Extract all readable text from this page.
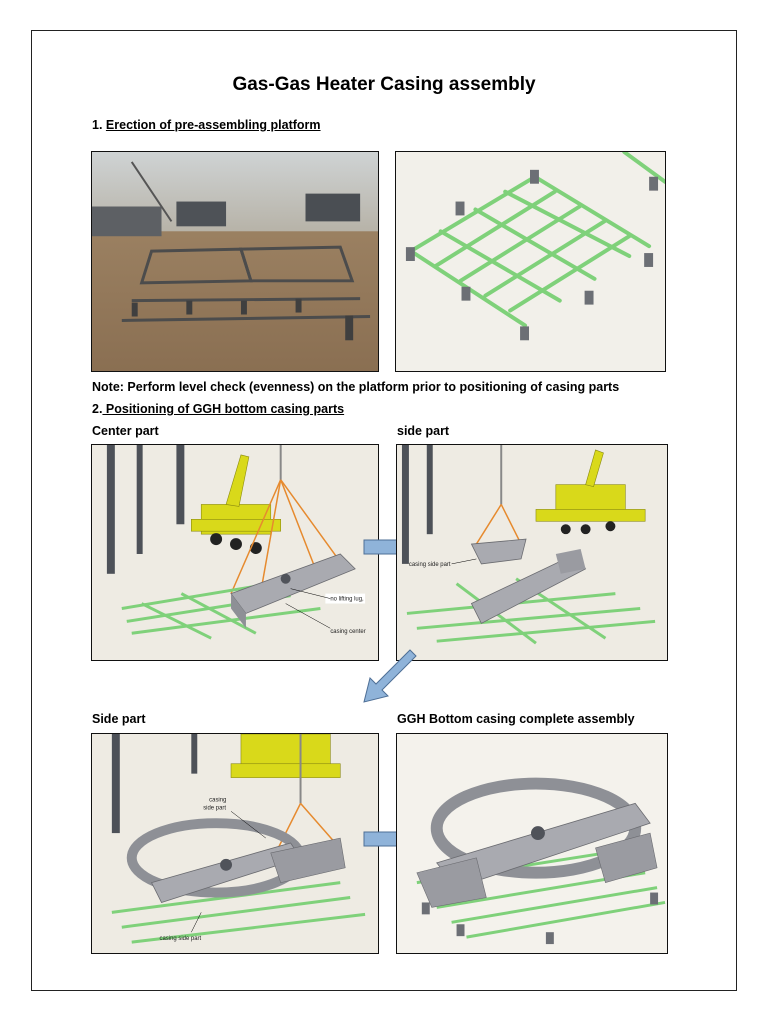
Gas-Gas Heater Casing assembly
1. Erection of pre-assembling platform
Note: Perform level check (evenness) on the platform prior to positioning of casing parts
2. Positioning of GGH bottom casing parts
Center part	side part
no lifting lug,
casing center
casing side part
Side part	GGH Bottom casing complete assembly
casing
side part
casing side part
